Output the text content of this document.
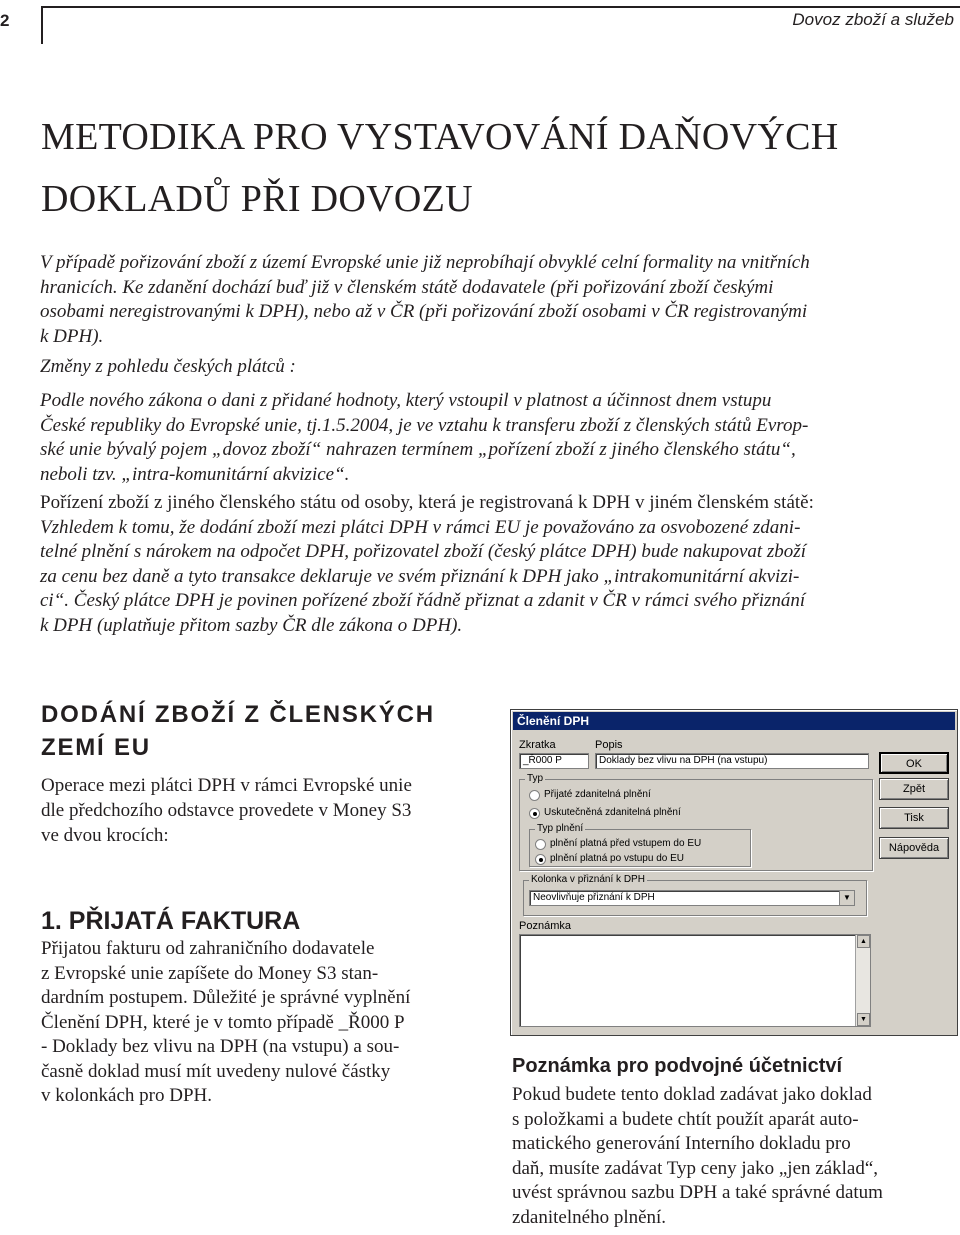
2	Dovoz zboží a služeb
METODIKA PRO VYSTAVOVÁNÍ DAŇOVÝCH
DOKLADŮ PŘI DOVOZU
V případě pořizování zboží z území Evropské unie již neprobíhají obvyklé celní formality na vnitřních
hranicích. Ke zdanění dochází buď již v členském státě dodavatele (při pořizování zboží českými
osobami neregistrovanými k DPH), nebo až v ČR (při pořizování zboží osobami v ČR registrovanými
k DPH).
Změny z pohledu českých plátců :
Podle nového zákona o dani z přidané hodnoty, který vstoupil v platnost a účinnost dnem vstupu
České republiky do Evropské unie, tj.1.5.2004, je ve vztahu k transferu zboží z členských států Evrop-
ské unie bývalý pojem „dovoz zboží“ nahrazen termínem „pořízení zboží z jiného členského státu“,
neboli tzv. „intra-komunitární akvizice“.
Pořízení zboží z jiného členského státu od osoby, která je registrovaná k DPH v jiném členském státě:
Vzhledem k tomu, že dodání zboží mezi plátci DPH v rámci EU je považováno za osvobozené zdani-
telné plnění s nárokem na odpočet DPH, pořizovatel zboží (český plátce DPH) bude nakupovat zboží
za cenu bez daně a tyto transakce deklaruje ve svém přiznání k DPH jako „intrakomunitární akvizi-
ci“. Český plátce DPH je povinen pořízené zboží řádně přiznat a zdanit v ČR v rámci svého přiznání
k DPH (uplatňuje přitom sazby ČR dle zákona o DPH).
DODÁNÍ ZBOŽÍ Z ČLENSKÝCH
ZEMÍ EU
Operace mezi plátci DPH v rámci Evropské unie
dle předchozího odstavce provedete v Money S3
ve dvou krocích:
1. PŘIJATÁ FAKTURA
Přijatou fakturu od zahraničního dodavatele
z Evropské unie zapíšete do Money S3 stan-
dardním postupem. Důležité je správné vyplnění
Členění DPH, které je v tomto případě _Ř000 P
- Doklady bez vlivu na DPH (na vstupu) a sou-
časně doklad musí mít uvedeny nulové částky
v kolonkách pro DPH.
Členění DPH
Zkratka
_Ř000 P
Popis
Doklady bez vlivu na DPH (na vstupu)	OK
Zpět
Tisk
Nápověda
Typ
Přijaté zdanitelná plnění
Uskutečněná zdanitelná plnění
Typ plnění
plnění platná před vstupem do EU
plnění platná po vstupu do EU
Kolonka v přiznání k DPH
Neovlivňuje přiznání k DPH	▼
Poznámka
▲
▼
Poznámka pro podvojné účetnictví
Pokud budete tento doklad zadávat jako doklad
s položkami a budete chtít použít aparát auto-
matického generování Interního dokladu pro
daň, musíte zadávat Typ ceny jako „jen základ“,
uvést správnou sazbu DPH a také správné datum
zdanitelného plnění.
